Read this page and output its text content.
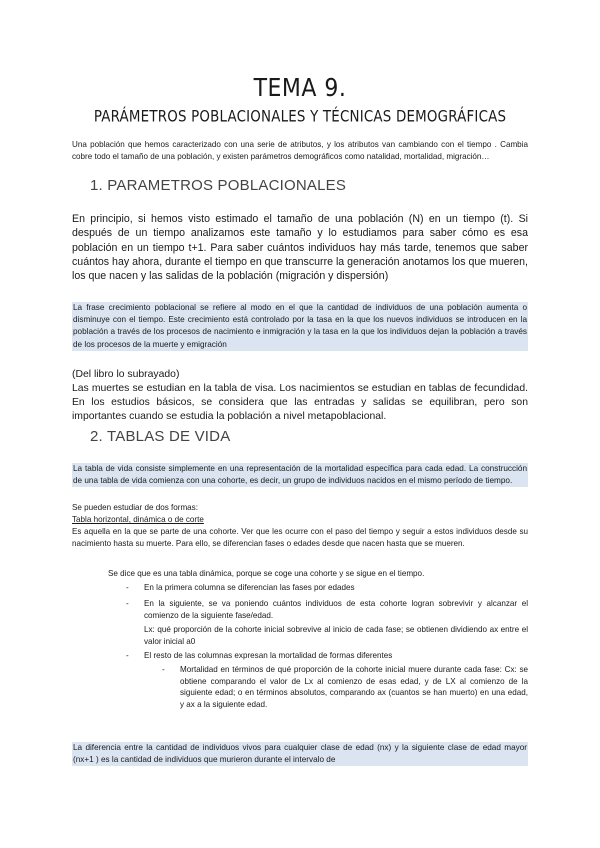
TEMA 9.
PARÁMETROS POBLACIONALES Y TÉCNICAS DEMOGRÁFICAS
Una población que hemos caracterizado con una serie de atributos, y los atributos van cambiando con el tiempo . Cambia cobre todo el tamaño de una población, y existen parámetros demográficos como natalidad, mortalidad, migración…
1. PARAMETROS POBLACIONALES
En principio, si hemos visto estimado el tamaño de una población (N) en un tiempo (t). Si después de un tiempo analizamos este tamaño y lo estudiamos para saber cómo es esa población en un tiempo t+1. Para saber cuántos individuos hay más tarde, tenemos que saber cuántos hay ahora, durante el tiempo en que transcurre la generación anotamos los que mueren, los que nacen y las salidas de la población (migración y dispersión)
La frase crecimiento poblacional se refiere al modo en el que la cantidad de individuos de una población aumenta o disminuye con el tiempo. Este crecimiento está controlado por la tasa en la que los nuevos individuos se introducen en la población a través de los procesos de nacimiento e inmigración y la tasa en la que los individuos dejan la población a través de los procesos de la muerte y emigración
(Del libro lo subrayado)
Las muertes se estudian en la tabla de visa. Los nacimientos se estudian en tablas de fecundidad. En los estudios básicos, se considera que las entradas y salidas se equilibran, pero son importantes cuando se estudia la población a nivel metapoblacional.
2. TABLAS DE VIDA
La tabla de vida consiste simplemente en una representación de la mortalidad específica para cada edad. La construcción de una tabla de vida comienza con una cohorte, es decir, un grupo de individuos nacidos en el mismo período de tiempo.
Se pueden estudiar de dos formas:
Tabla horizontal, dinámica o de corte
Es aquella en la que se parte de una cohorte. Ver que les ocurre con el paso del tiempo y seguir a estos individuos desde su nacimiento hasta su muerte. Para ello, se diferencian fases o edades desde que nacen hasta que se mueren.
Se dice que es una tabla dinámica, porque se coge una cohorte y se sigue en el tiempo.
- En la primera columna se diferencian las fases por edades
- En la siguiente, se va poniendo cuántos individuos de esta cohorte logran sobrevivir y alcanzar el comienzo de la siguiente fase/edad.
Lx: qué proporción de la cohorte inicial sobrevive al inicio de cada fase; se obtienen dividiendo ax entre el valor inicial a0
- El resto de las columnas expresan la mortalidad de formas diferentes
- Mortalidad en términos de qué proporción de la cohorte inicial muere durante cada fase: Cx: se obtiene comparando el valor de Lx al comienzo de esas edad, y de LX al comienzo de la siguiente edad; o en términos absolutos, comparando ax (cuantos se han muerto) en una edad, y ax a la siguiente edad.
La diferencia entre la cantidad de individuos vivos para cualquier clase de edad (nx) y la siguiente clase de edad mayor (nx+1 ) es la cantidad de individuos que murieron durante el intervalo de
